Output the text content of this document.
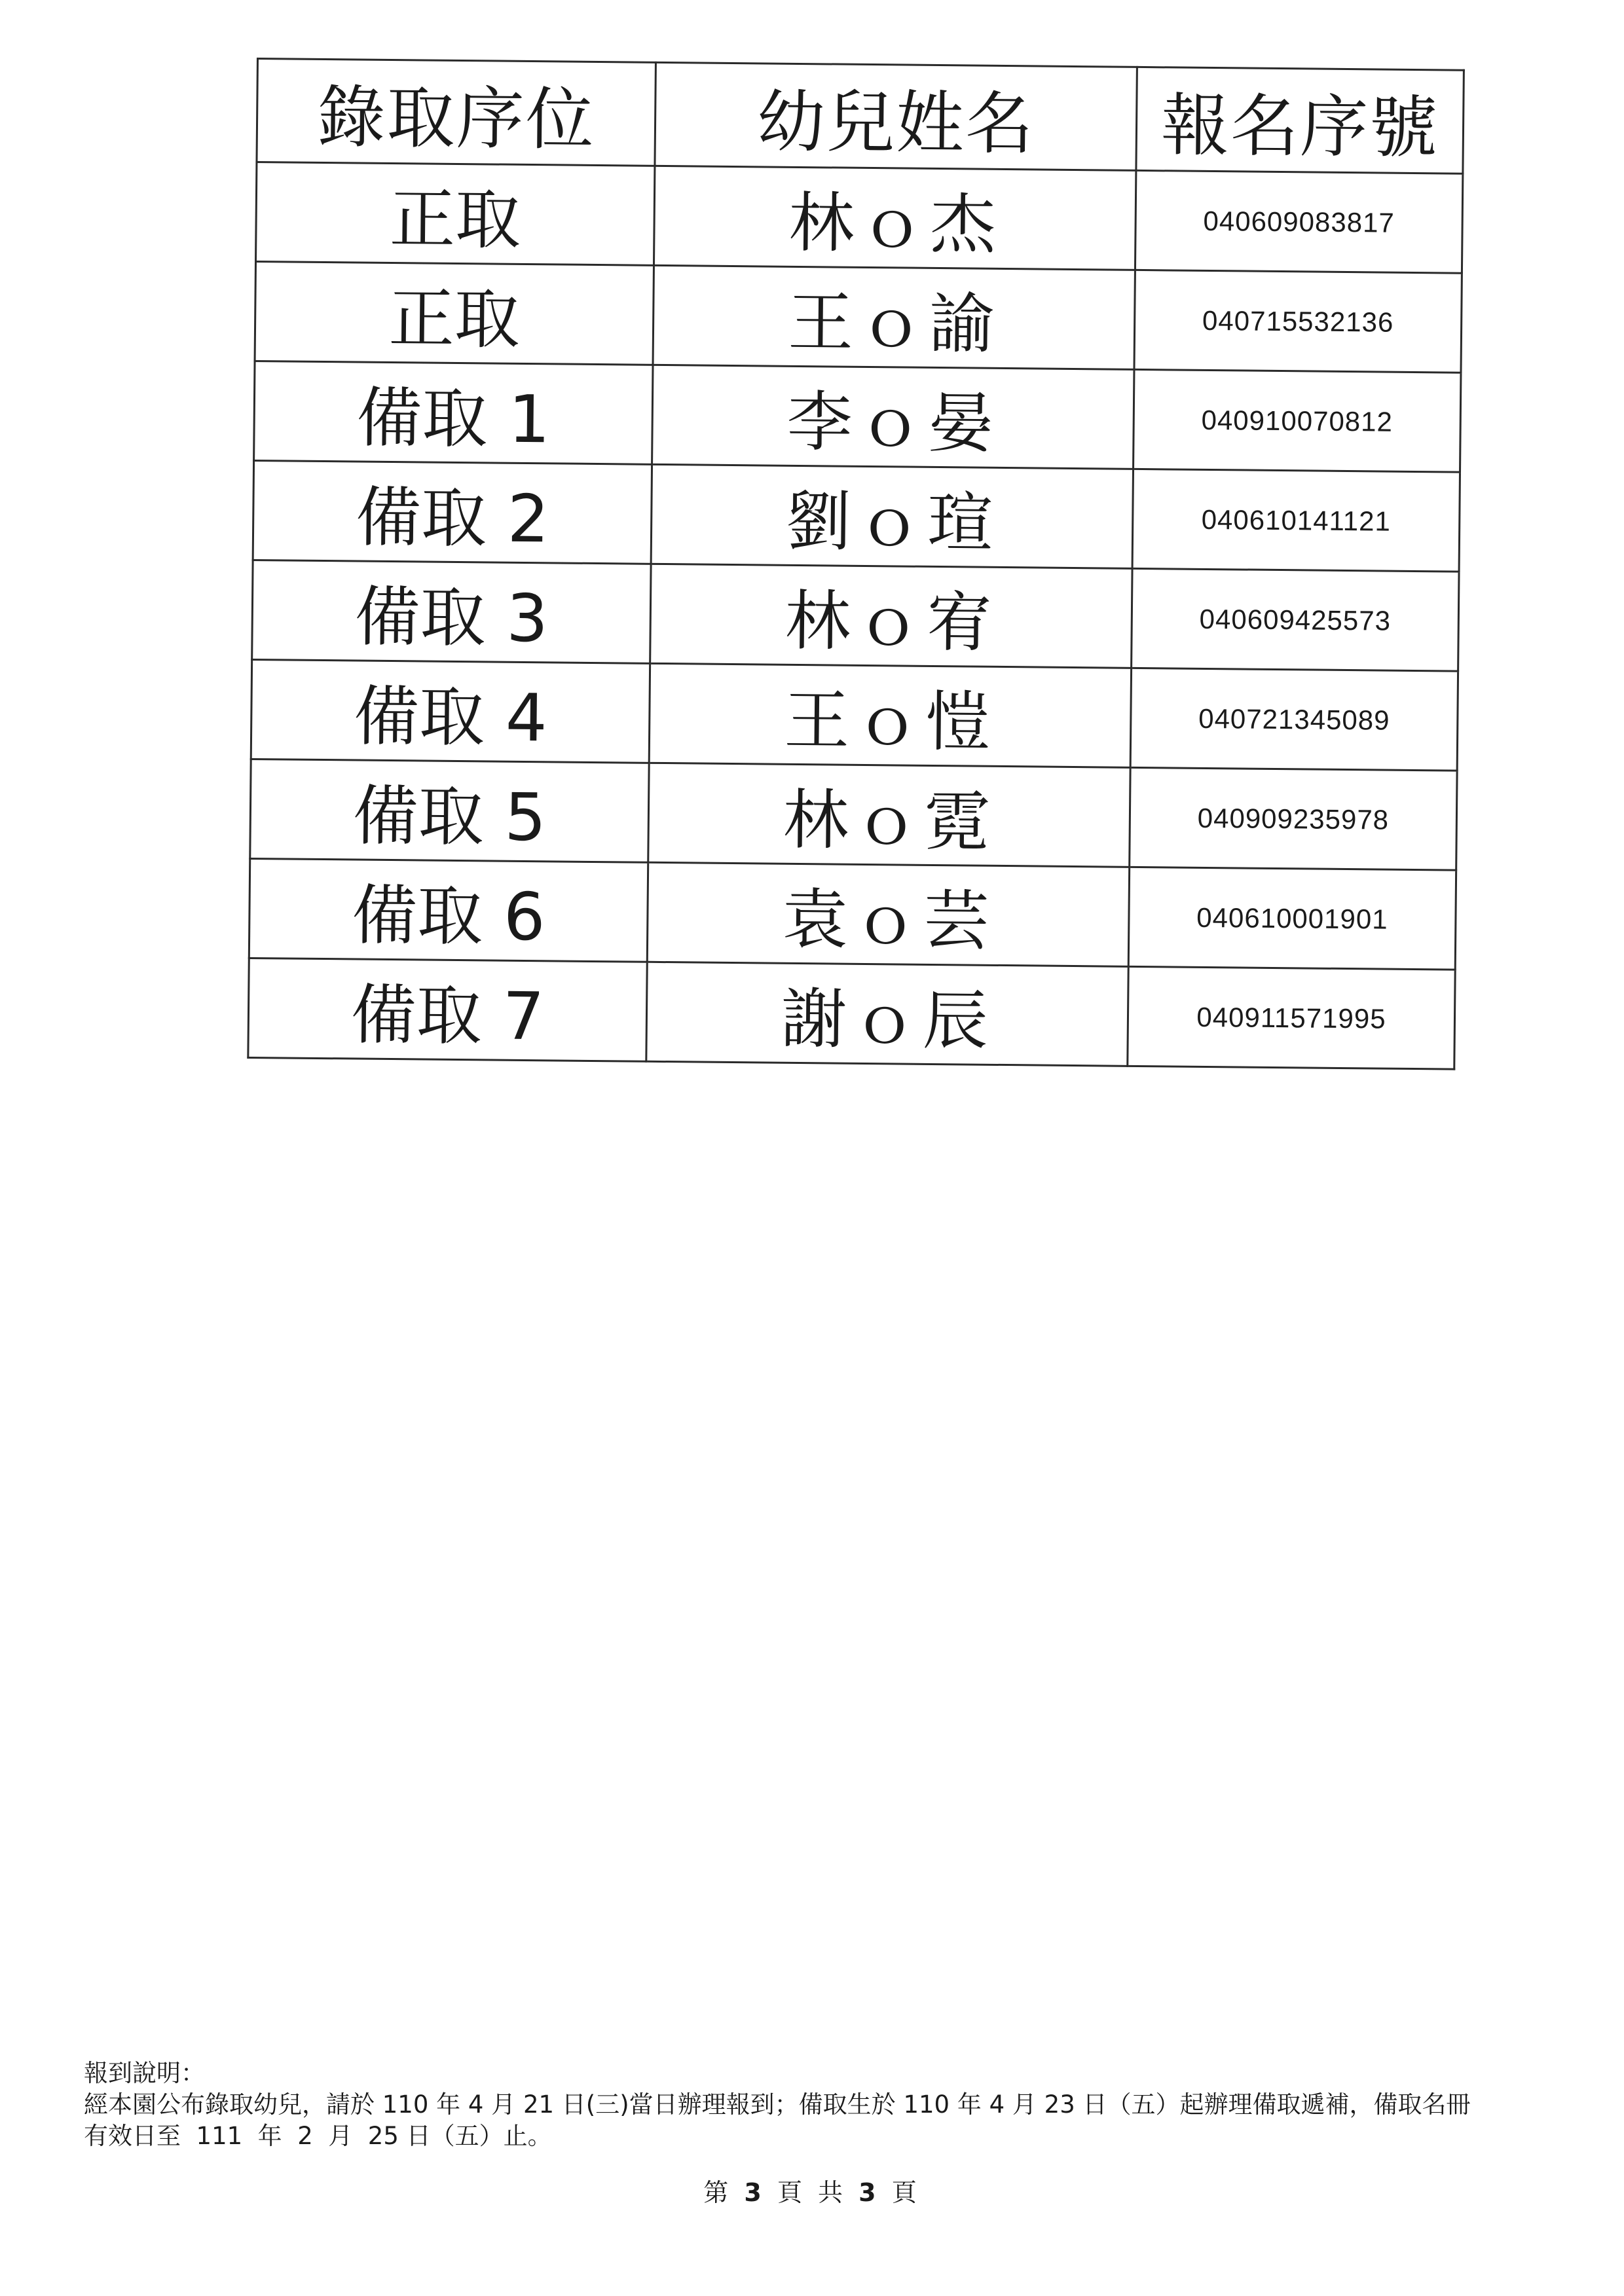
錄取序位	幼兒姓名	報名序號
正取	林ｏ杰	040609083817
正取	王ｏ諭	040715532136
備取 1	李ｏ晏	040910070812
備取 2	劉ｏ瑄	040610141121
備取 3	林ｏ宥	040609425573
備取 4	王ｏ愷	040721345089
備取 5	林ｏ霓	040909235978
備取 6	袁ｏ芸	040610001901
備取 7	謝ｏ辰	040911571995

報到說明：

經本園公布錄取幼兒，請於 110 年 4 月 21 日(三)當日辦理報到；備取生於 110 年 4 月 23 日（五）起辦理備取遞補，備取名冊

有效日至  111  年  2  月  25 日（五）止。

第 3 頁 共 3 頁
